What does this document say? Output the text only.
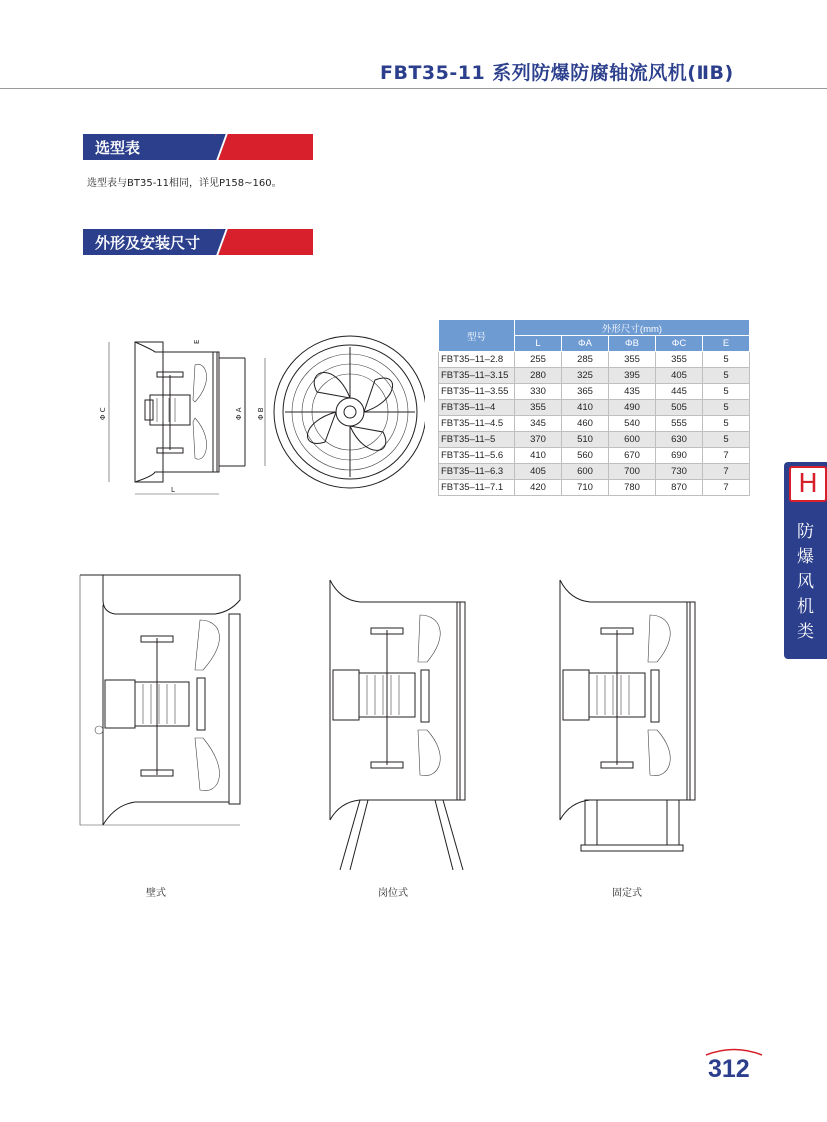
FBT35-11 系列防爆防腐轴流风机(ⅡB)
选型表
选型表与BT35-11相同，详见P158~160。
外形及安装尺寸
Φ C	Φ A Φ B
E
L
型号	外形尺寸(mm)				
	L	ΦA	ΦB	ΦC	E
FBT35–11–2.8	255	285	355	355	5
FBT35–11–3.15	280	325	395	405	5
FBT35–11–3.55	330	365	435	445	5
FBT35–11–4	355	410	490	505	5
FBT35–11–4.5	345	460	540	555	5
FBT35–11–5	370	510	600	630	5
FBT35–11–5.6	410	560	670	690	7
FBT35–11–6.3	405	600	700	730	7
FBT35–11–7.1	420	710	780	870	7	H
防
爆
风
机
类
壁式	岗位式	固定式
312
